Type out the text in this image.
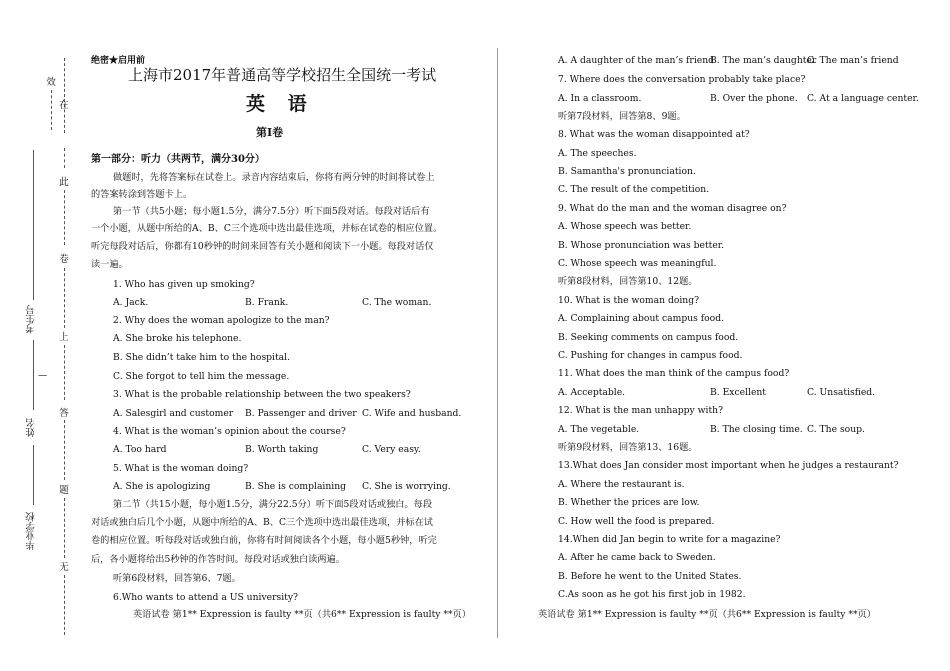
效
在
此
卷
上
答
题
无
考生号
—
姓名
毕业学校
绝密★启用前
上海市2017年普通高等学校招生全国统一考试
英 语
第Ⅰ卷
第一部分：听力（共两节，满分30分）
做题时，先将答案标在试卷上。录音内容结束后，你将有两分钟的时间将试卷上
的答案转涂到答题卡上。
第一节（共5小题；每小题1.5分，满分7.5分）听下面5段对话。每段对话后有
一个小题，从题中所给的A、B、C三个选项中选出最佳选项，并标在试卷的相应位置。
听完每段对话后，你都有10秒钟的时间来回答有关小题和阅读下一小题。每段对话仅
读一遍。
1. Who has given up smoking?
A. Jack.	B. Frank.	C. The woman.
2. Why does the woman apologize to the man?
A. She broke his telephone.
B. She didn’t take him to the hospital.
C. She forgot to tell him the message.
3. What is the probable relationship between the two speakers?
A. Salesgirl and customer B. Passenger and driver C. Wife and husband.
4. What is the woman’s opinion about the course?
A. Too hard	B. Worth taking	C. Very easy.
5. What is the woman doing?
A. She is apologizing	B. She is complaining C. She is worrying.
第二节（共15小题，每小题1.5分，满分22.5分）听下面5段对话或独白。每段
对话或独白后几个小题，从题中所给的A、B、C三个选项中选出最佳选项，并标在试
卷的相应位置。听每段对话或独白前，你将有时间阅读各个小题，每小题5秒钟，听完
后，各小题将给出5秒钟的作答时间。每段对话或独白读两遍。
听第6段材料，回答第6、7题。
6.Who wants to attend a US university?
英语试卷 第1** Expression is faulty **页（共6** Expression is faulty **页）
A. A daughter of the man’s friend
B. The man’s daughter
C. The man’s friend
7. Where does the conversation probably take place?
A. In a classroom.	B. Over the phone. C. At a language center.
听第7段材料，回答第8、9题。
8. What was the woman disappointed at?
A. The speeches.
B. Samantha's pronunciation.
C. The result of the competition.
9. What do the man and the woman disagree on?
A. Whose speech was better.
B. Whose pronunciation was better.
C. Whose speech was meaningful.
听第8段材料，回答第10、12题。
10. What is the woman doing?
A. Complaining about campus food.
B. Seeking comments on campus food.
C. Pushing for changes in campus food.
11. What does the man think of the campus food?
A. Acceptable.	B. Excellent	C. Unsatisfied.
12. What is the man unhappy with?
A. The vegetable.	B. The closing time. C. The soup.
听第9段材料，回答第13、16题。
13.What does Jan consider most important when he judges a restaurant?
A. Where the restaurant is.
B. Whether the prices are low.
C. How well the food is prepared.
14.When did Jan begin to write for a magazine?
A. After he came back to Sweden.
B. Before he went to the United States.
C.As soon as he got his first job in 1982.
英语试卷 第1** Expression is faulty **页（共6** Expression is faulty **页）
